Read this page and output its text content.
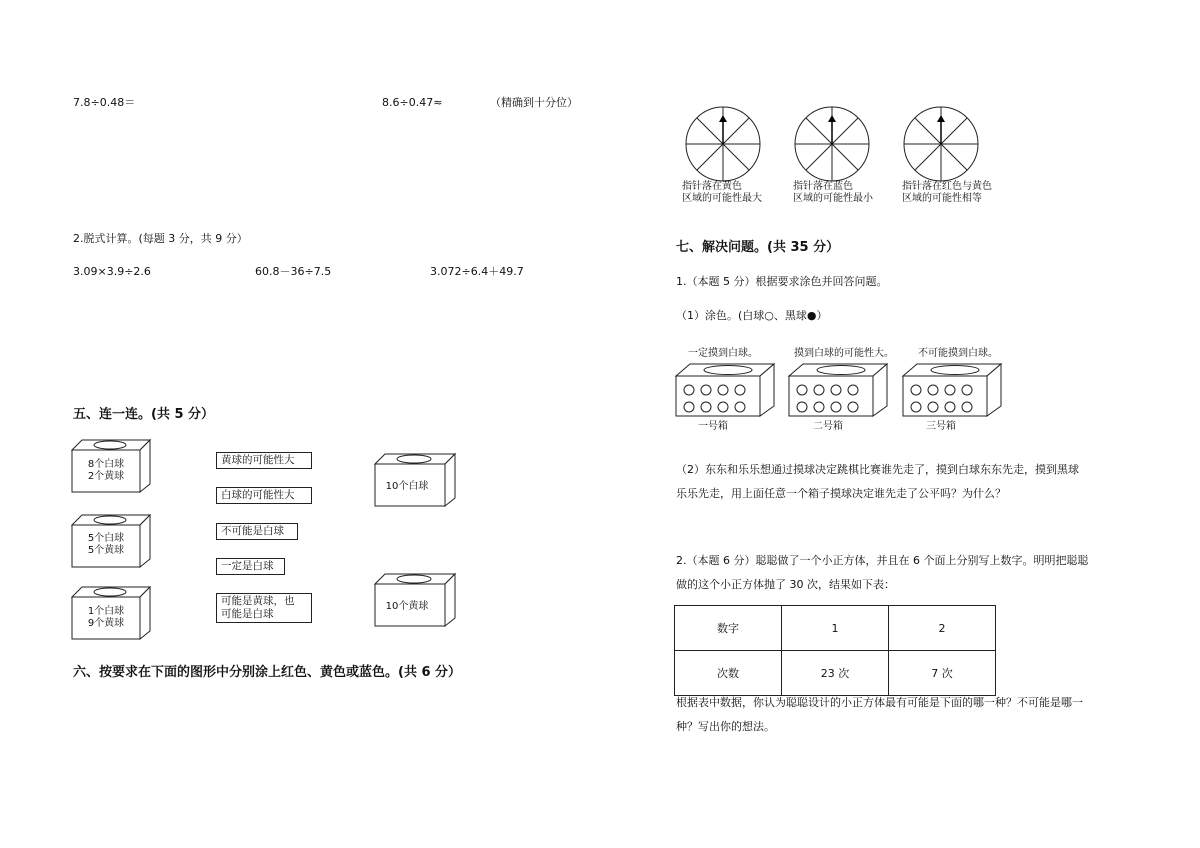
7.8÷0.48＝	8.6÷0.47≈	（精确到十分位）
2.脱式计算。(每题 3 分，共 9 分）
3.09×3.9÷2.6	60.8－36÷7.5	3.072÷6.4＋49.7
五、连一连。(共 5 分）
8个白球
2个黄球
5个白球
5个黄球
1个白球
9个黄球
黄球的可能性大
白球的可能性大
不可能是白球
一定是白球
可能是黄球，也
可能是白球
10个白球
10个黄球
六、按要求在下面的图形中分别涂上红色、黄色或蓝色。(共 6 分）
指针落在黄色
区域的可能性最大
指针落在蓝色
区域的可能性最小
指针落在红色与黄色
区域的可能性相等
七、解决问题。(共 35 分）
1.（本题 5 分）根据要求涂色并回答问题。
（1）涂色。(白球○、黑球●）
一定摸到白球。	摸到白球的可能性大。 不可能摸到白球。
一号箱	二号箱	三号箱
（2）东东和乐乐想通过摸球决定跳棋比赛谁先走了，摸到白球东东先走，摸到黑球
乐乐先走，用上面任意一个箱子摸球决定谁先走了公平吗？为什么？
2.（本题 6 分）聪聪做了一个小正方体，并且在 6 个面上分别写上数字。明明把聪聪
做的这个小正方体抛了 30 次，结果如下表：
数字	1	2
次数	23 次	7 次
根据表中数据，你认为聪聪设计的小正方体最有可能是下面的哪一种？不可能是哪一
种？写出你的想法。
